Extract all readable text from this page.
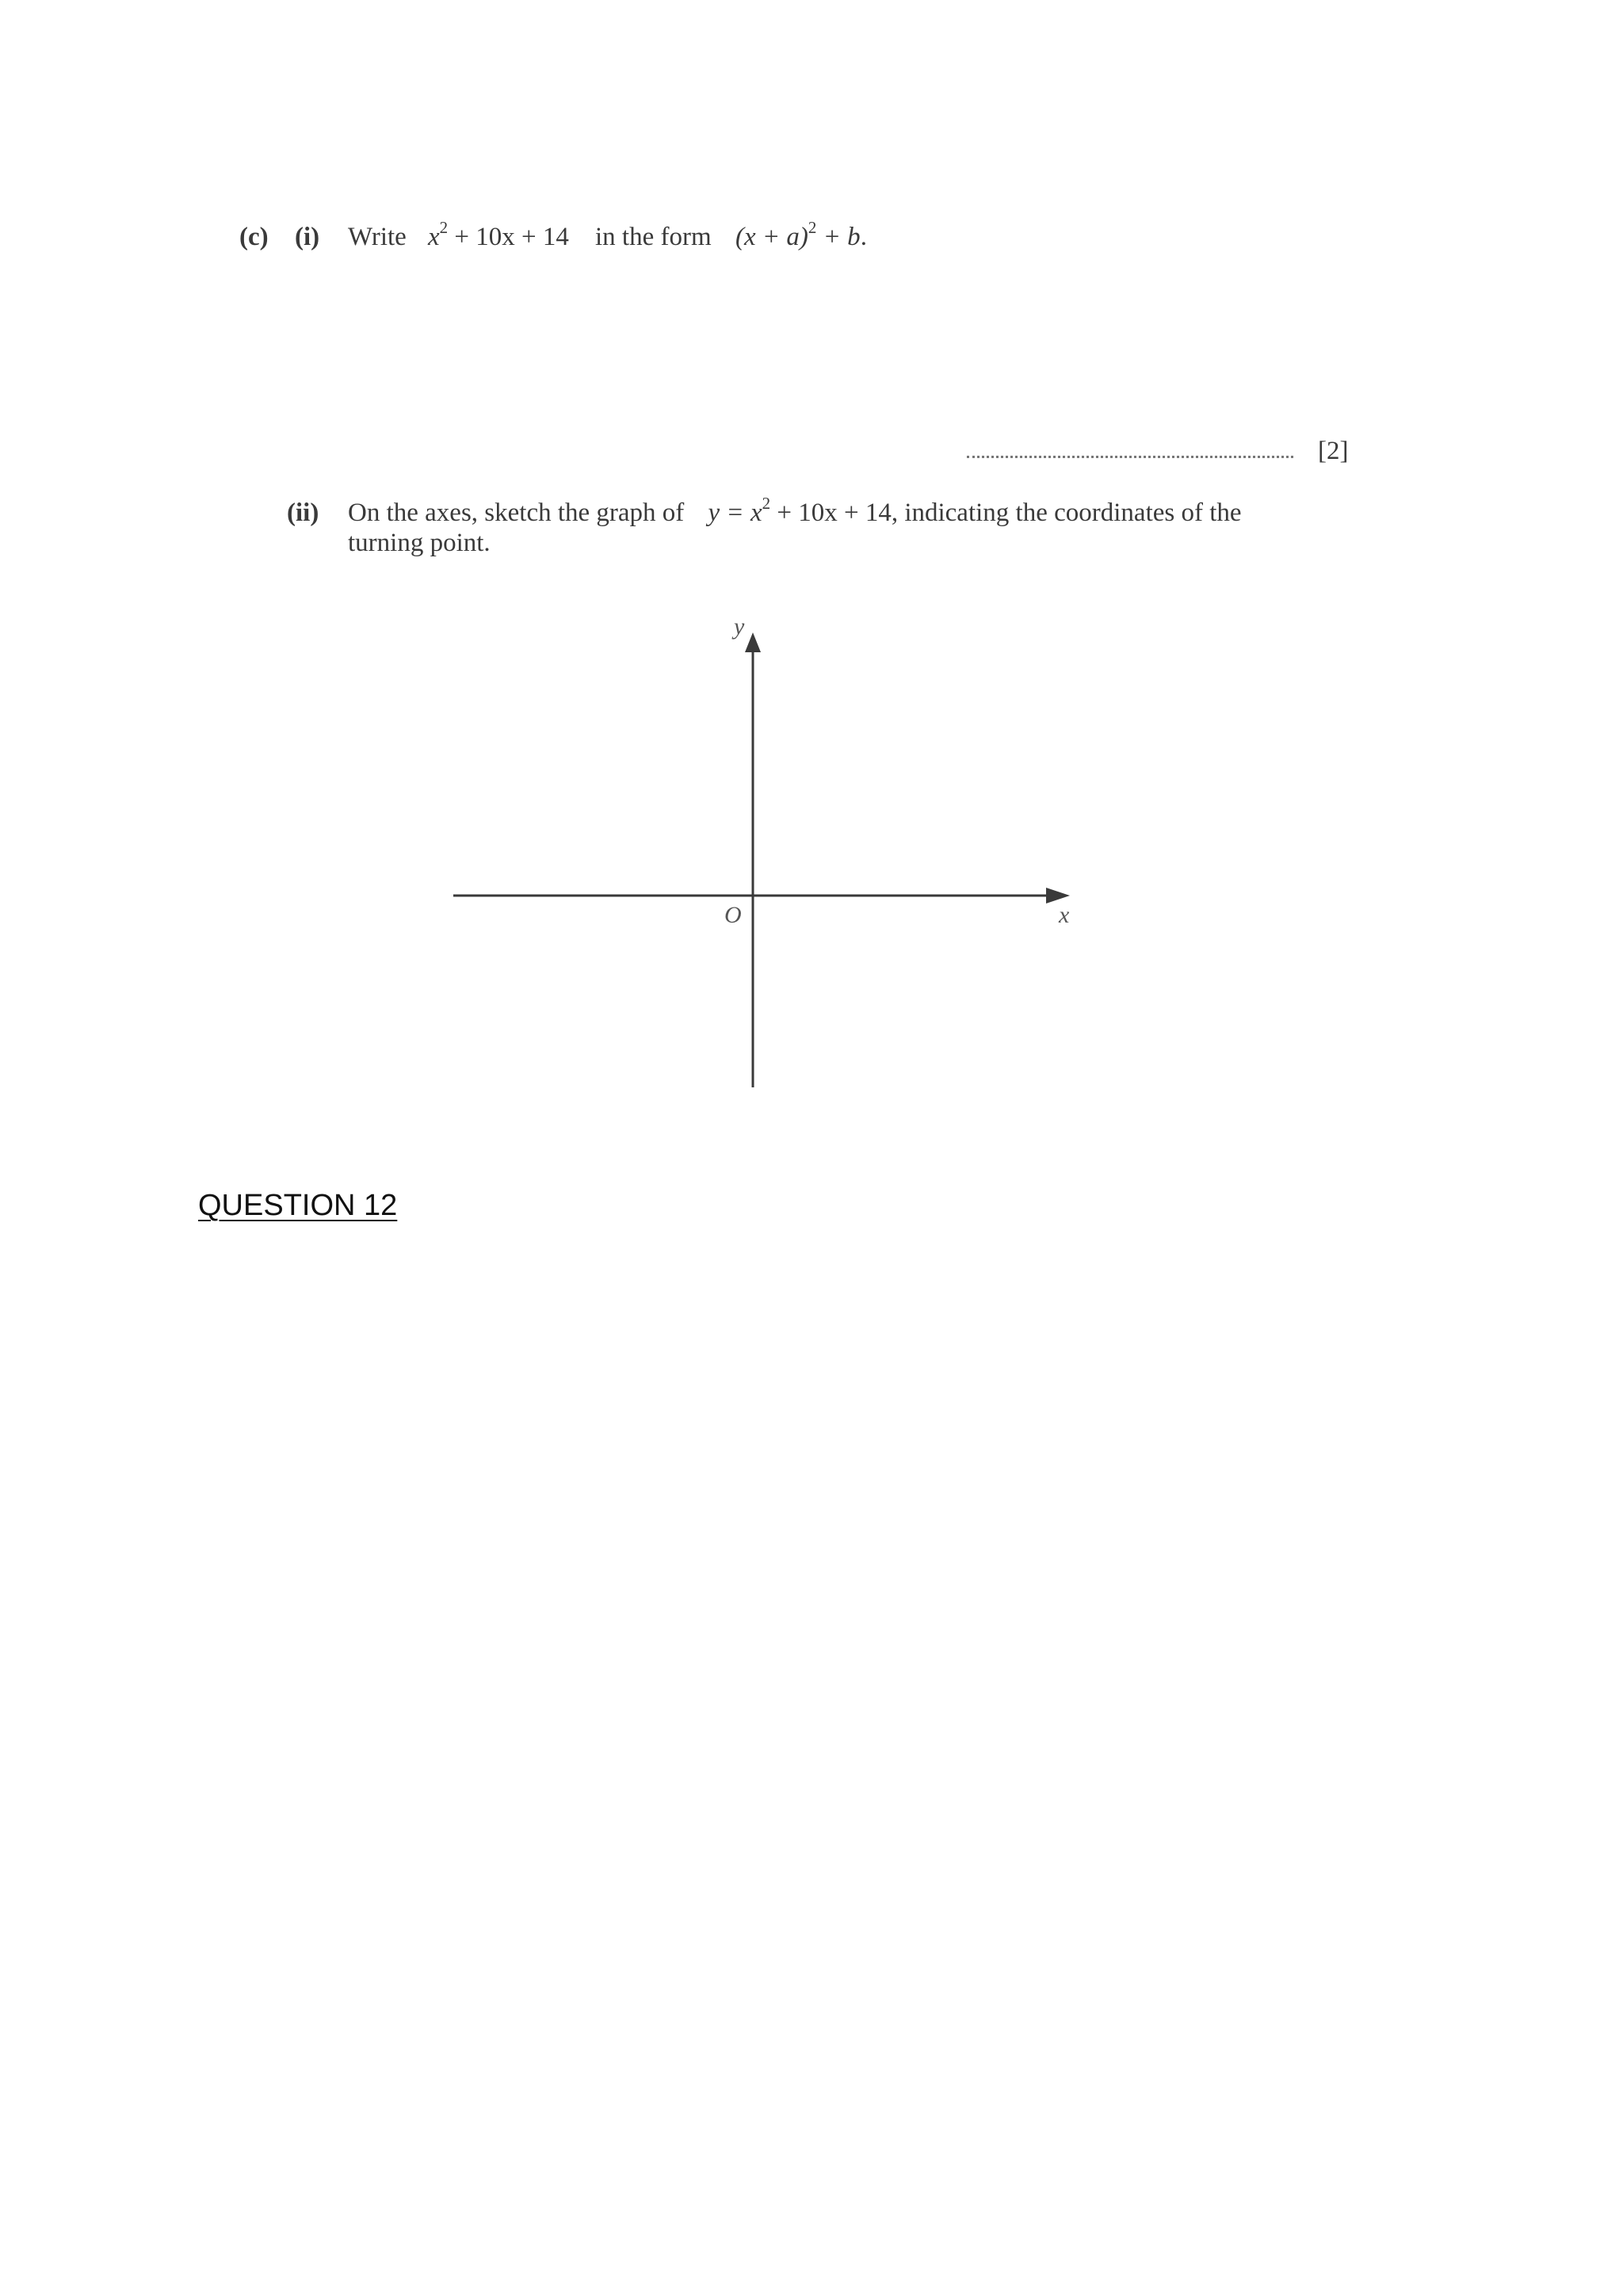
(c) (i) Write $x^2 + 10x + 14$ in the form $(x + a)^2 + b$.
[2]
(ii) On the axes, sketch the graph of $y = x^2 + 10x + 14$, indicating the coordinates of the
turning point.
y
x
O
QUESTION 12
